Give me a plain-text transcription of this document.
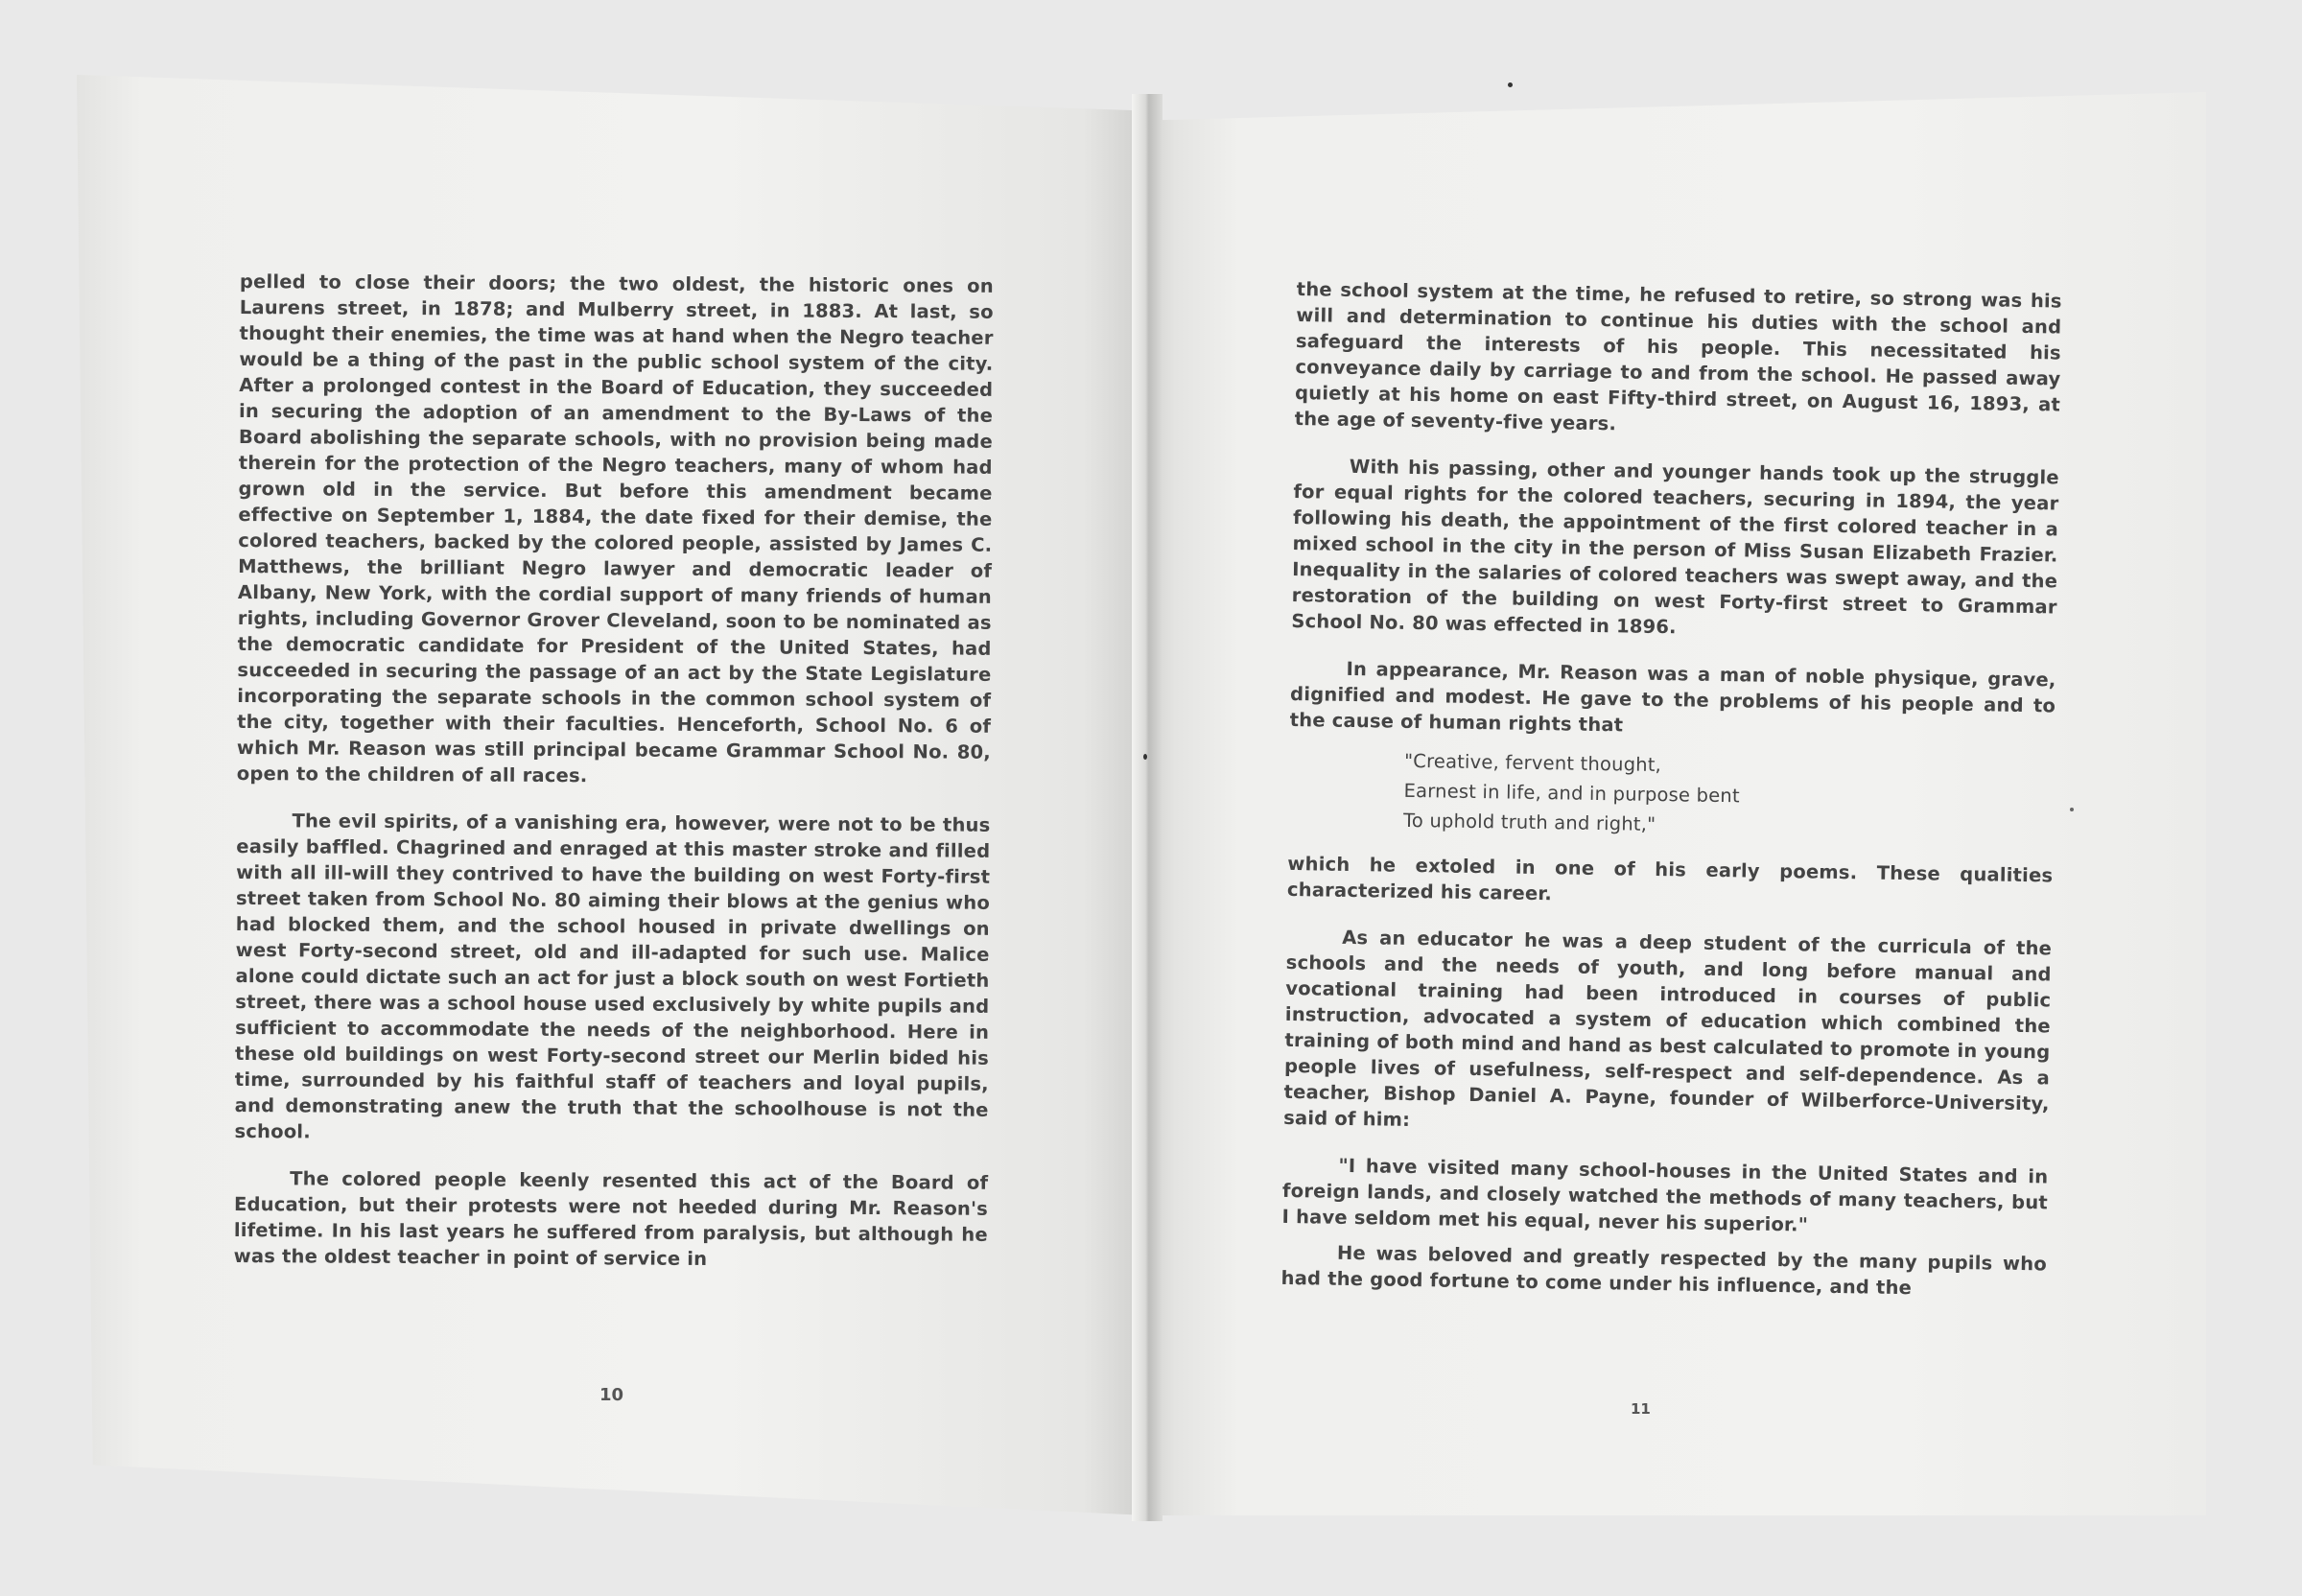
pelled to close their doors; the two oldest, the historic ones on Laurens street, in 1878; and Mulberry street, in 1883. At last, so thought their enemies, the time was at hand when the Negro teacher would be a thing of the past in the public school system of the city. After a prolonged contest in the Board of Education, they succeeded in securing the adoption of an amendment to the By-Laws of the Board abolishing the separate schools, with no provision being made therein for the protection of the Negro teachers, many of whom had grown old in the service. But before this amendment became effective on September 1, 1884, the date fixed for their demise, the colored teachers, backed by the colored people, assisted by James C. Matthews, the brilliant Negro lawyer and democratic leader of Albany, New York, with the cordial support of many friends of human rights, including Governor Grover Cleveland, soon to be nominated as the democratic candidate for President of the United States, had succeeded in securing the passage of an act by the State Legislature incorporating the separate schools in the common school system of the city, together with their faculties. Henceforth, School No. 6 of which Mr. Reason was still principal became Grammar School No. 80, open to the children of all races.

The evil spirits, of a vanishing era, however, were not to be thus easily baffled. Chagrined and enraged at this master stroke and filled with all ill-will they contrived to have the building on west Forty-first street taken from School No. 80 aiming their blows at the genius who had blocked them, and the school housed in private dwellings on west Forty-second street, old and ill-adapted for such use. Malice alone could dictate such an act for just a block south on west Fortieth street, there was a school house used exclusively by white pupils and sufficient to accommodate the needs of the neighborhood. Here in these old buildings on west Forty-second street our Merlin bided his time, surrounded by his faithful staff of teachers and loyal pupils, and demonstrating anew the truth that the schoolhouse is not the school.

The colored people keenly resented this act of the Board of Education, but their protests were not heeded during Mr. Reason's lifetime. In his last years he suffered from paralysis, but although he was the oldest teacher in point of service in

10

the school system at the time, he refused to retire, so strong was his will and determination to continue his duties with the school and safeguard the interests of his people. This necessitated his conveyance daily by carriage to and from the school. He passed away quietly at his home on east Fifty-third street, on August 16, 1893, at the age of seventy-five years.

With his passing, other and younger hands took up the struggle for equal rights for the colored teachers, securing in 1894, the year following his death, the appointment of the first colored teacher in a mixed school in the city in the person of Miss Susan Elizabeth Frazier. Inequality in the salaries of colored teachers was swept away, and the restoration of the building on west Forty-first street to Grammar School No. 80 was effected in 1896.

In appearance, Mr. Reason was a man of noble physique, grave, dignified and modest. He gave to the problems of his people and to the cause of human rights that

"Creative, fervent thought,
Earnest in life, and in purpose bent
To uphold truth and right,"

which he extoled in one of his early poems. These qualities characterized his career.

As an educator he was a deep student of the curricula of the schools and the needs of youth, and long before manual and vocational training had been introduced in courses of public instruction, advocated a system of education which combined the training of both mind and hand as best calculated to promote in young people lives of usefulness, self-respect and self-dependence. As a teacher, Bishop Daniel A. Payne, founder of Wilberforce-University, said of him:

"I have visited many school-houses in the United States and in foreign lands, and closely watched the methods of many teachers, but I have seldom met his equal, never his superior."

He was beloved and greatly respected by the many pupils who had the good fortune to come under his influence, and the

11
